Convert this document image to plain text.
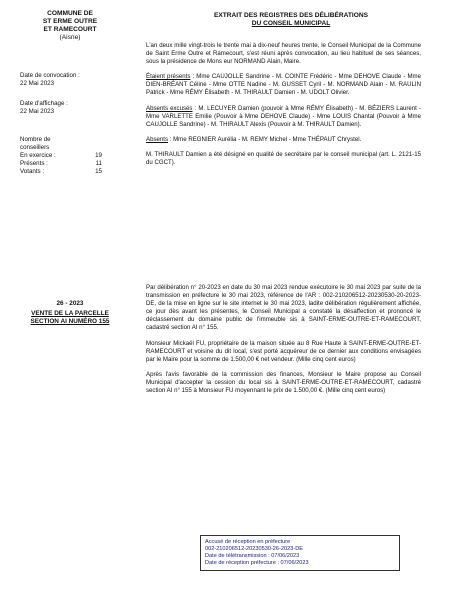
COMMUNE DE
ST ERME OUTRE
ET RAMECOURT
(Aisne)
EXTRAIT DES REGISTRES DES DÉLIBÉRATIONS
DU CONSEIL MUNICIPAL
Date de convocation :
22 Mai 2023
Date d'affichage :
22 Mai 2023
Nombre de
conseillers
En exercice :	19
Présents :	11
Votants :	15
26 - 2023
VENTE DE LA PARCELLE SECTION AI NUMÉRO 155

L'an deux mille vingt-trois le trente mai à dix-neuf heures trente, le Conseil Municipal de la Commune de Saint Erme Outre et Ramecourt, s'est réuni après convocation, au lieu habituel de ses séances, sous la présidence de Mons eur NORMAND Alain, Maire.

Étaient présents : Mme CAUJOLLE Sandrine - M. COINTE Frédéric - Mme DEHOVE Claude - Mme DIEN-BRÉANT Céline - Mme OTTE Nadine - M. GUSSET Cyril - M. NORMAND Alain - M. RAULIN Patrick - Mme RÉMY Élisabeth - M. THIRAULT Damien - M. UDOLT Olivier.

Absents excusés : M. LECUYER Damien (pouvoir à Mme RÉMY Élisabeth) - M. BÉZIERS Laurent - Mme VARLETTE Emilie (Pouvoir à Mme DEHOVE Claude) - Mme LOUIS Chantal (Pouvoir à Mme CAUJOLLE Sandrine) - M. THIRAULT Alexis (Pouvoir à M. THIRAULT Damien).

Absents : Mme REGNIER Aurélia - M. REMY Michel - Mme THÉPAUT Chrystel.

M. THIRAULT Damien a été désigné en qualité de secrétaire par le conseil municipal (art. L. 2121-15 du CGCT).

Par délibération n° 20-2023 en date du 30 mai 2023 rendue exécutoire le 30 mai 2023 par suite de la transmission en préfecture le 30 mai 2023, référence de l'AR : 002-210206512-20230530-20-2023-DE, de la mise en ligne sur le site internet le 30 mai 2023, ladite délibération régulièrement affichée, ce jour dès avant les présentes, le Conseil Municipal a constaté la désaffection et prononcé le déclassement du domaine public de l'immeuble sis à SAINT-ERME-OUTRE-ET-RAMECOURT, cadastré section AI n° 155.

Monsieur Mickaël FU, propriétaire de la maison située au 8 Rue Haute à SAINT-ERME-OUTRE-ET-RAMECOURT et voisine du dit local, s'est porté acquéreur de ce dernier aux conditions envisagées par le Maire pour la somme de 1.500,00 € net vendeur. (Mille cinq cent euros)

Après l'avis favorable de la commission des finances, Monsieur le Maire propose au Conseil Municipal d'accepter la cession du local sis à SAINT-ERME-OUTRE-ET-RAMECOURT, cadastré section AI n° 155 à Monsieur FU moyennant le prix de 1.500,00 €. (Mille cinq cent euros)

Accusé de réception en préfecture
002-210206512-20230530-26-2023-DE
Date de télétransmission : 07/06/2023
Date de réception préfecture : 07/06/2023
